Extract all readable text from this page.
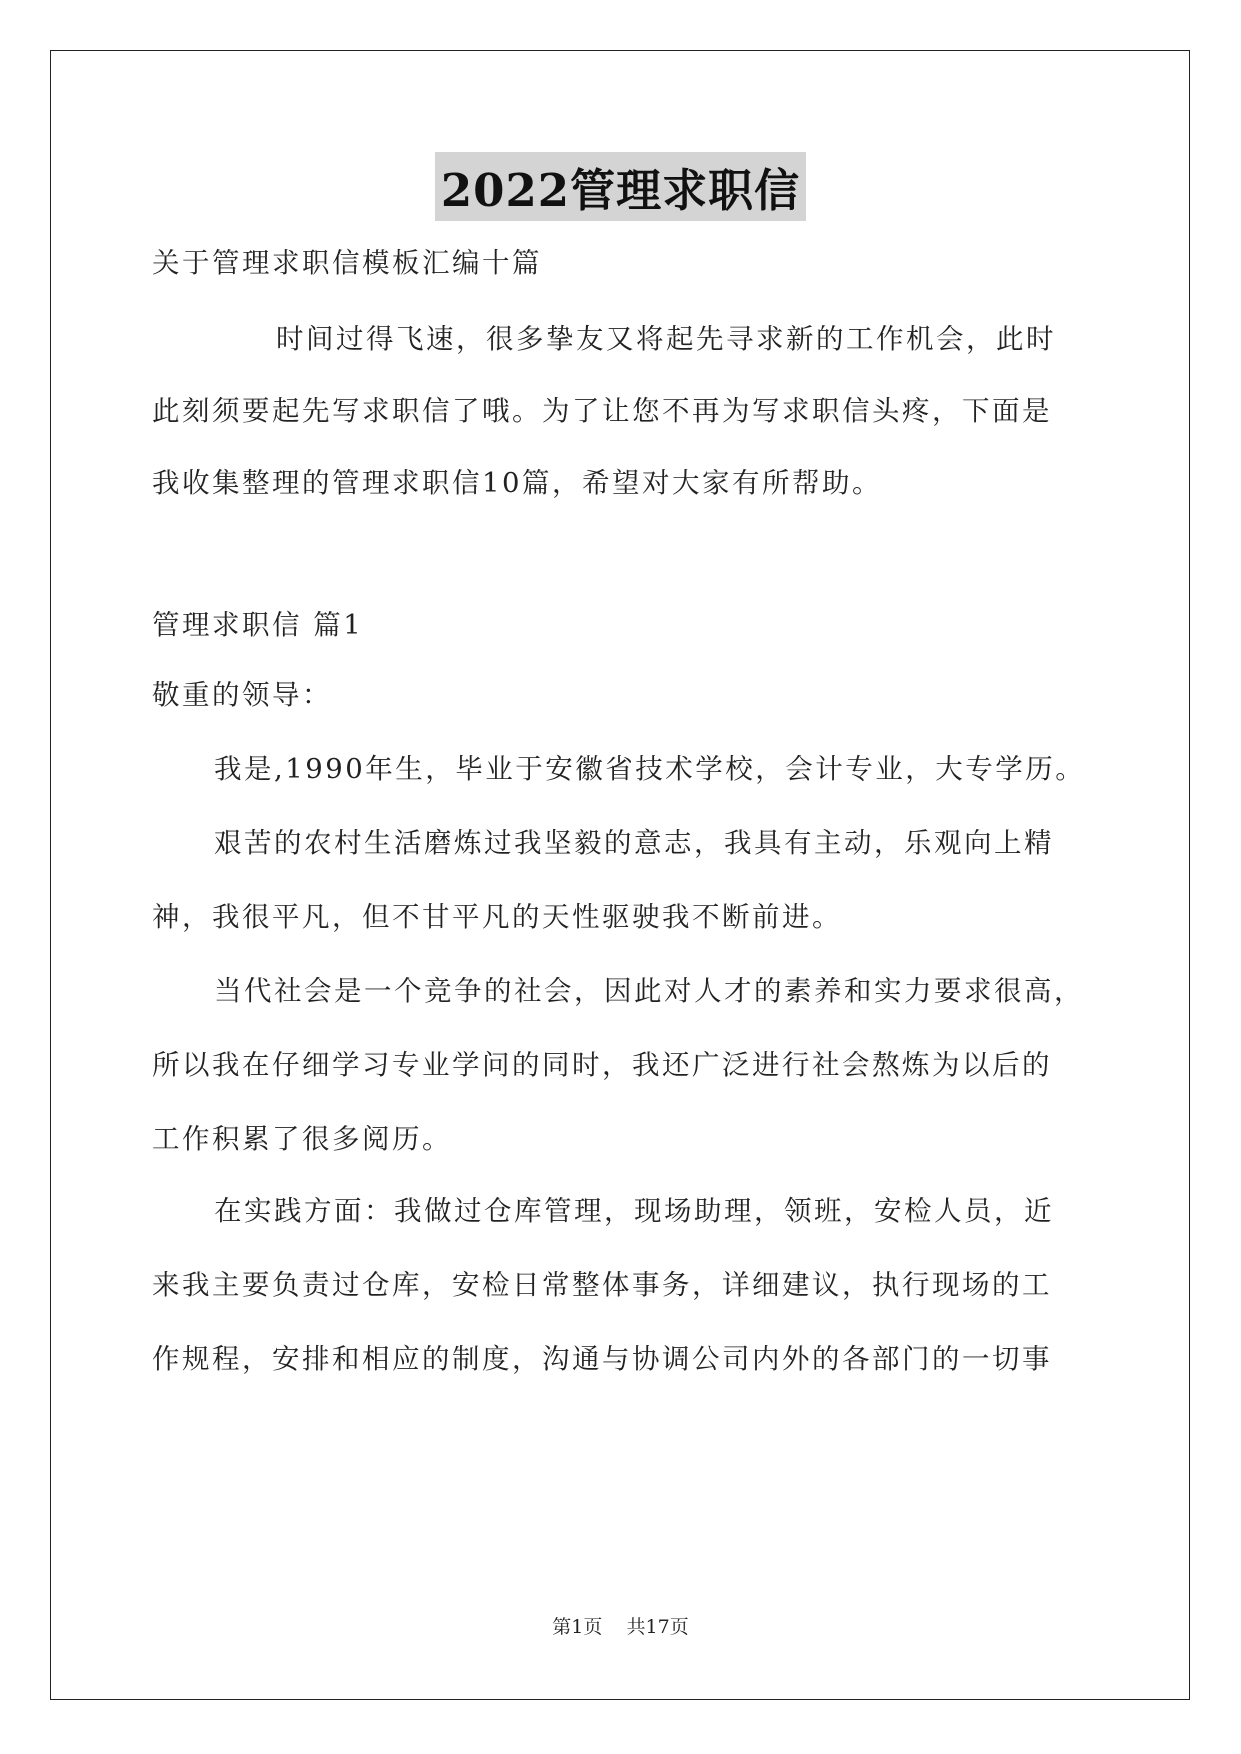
2022管理求职信
关于管理求职信模板汇编十篇
时间过得飞速，很多挚友又将起先寻求新的工作机会，此时
此刻须要起先写求职信了哦。为了让您不再为写求职信头疼，下面是
我收集整理的管理求职信10篇，希望对大家有所帮助。
管理求职信 篇1
敬重的领导：
我是,1990年生，毕业于安徽省技术学校，会计专业，大专学历。
艰苦的农村生活磨炼过我坚毅的意志，我具有主动，乐观向上精
神，我很平凡，但不甘平凡的天性驱驶我不断前进。
当代社会是一个竞争的社会，因此对人才的素养和实力要求很高，
所以我在仔细学习专业学问的同时，我还广泛进行社会熬炼为以后的
工作积累了很多阅历。
在实践方面：我做过仓库管理，现场助理，领班，安检人员，近
来我主要负责过仓库，安检日常整体事务，详细建议，执行现场的工
作规程，安排和相应的制度，沟通与协调公司内外的各部门的一切事
第1页    共17页
